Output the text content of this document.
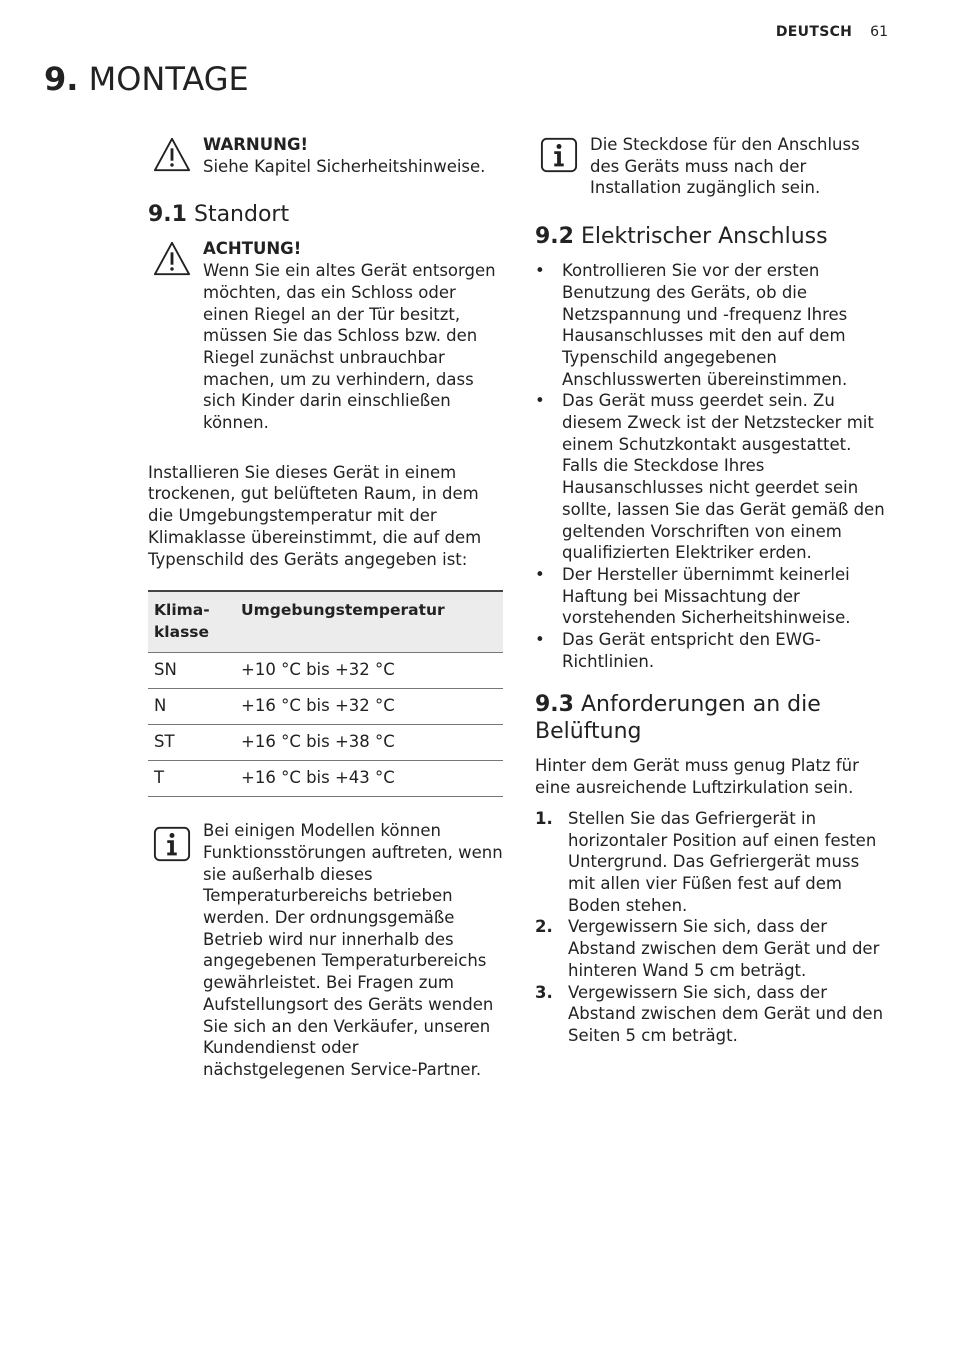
DEUTSCH 61
9. MONTAGE
WARNUNG!
Siehe Kapitel Sicherheitshinweise.
9.1 Standort
ACHTUNG!
Wenn Sie ein altes Gerät entsorgen möchten, das ein Schloss oder einen Riegel an der Tür besitzt, müssen Sie das Schloss bzw. den Riegel zunächst unbrauchbar machen, um zu verhindern, dass sich Kinder darin einschließen können.

Installieren Sie dieses Gerät in einem trockenen, gut belüfteten Raum, in dem die Umgebungstemperatur mit der Klimaklasse übereinstimmt, die auf dem Typenschild des Geräts angegeben ist:

Klima-
klasse	Umgebungstemperatur
SN	+10 °C bis +32 °C
N	+16 °C bis +32 °C
ST	+16 °C bis +38 °C
T	+16 °C bis +43 °C
Bei einigen Modellen können Funktionsstörungen auftreten, wenn sie außerhalb dieses Temperaturbereichs betrieben werden. Der ordnungsgemäße Betrieb wird nur innerhalb des angegebenen Temperaturbereichs gewährleistet. Bei Fragen zum Aufstellungsort des Geräts wenden Sie sich an den Verkäufer, unseren Kundendienst oder nächstgelegenen Service-Partner.
Die Steckdose für den Anschluss des Geräts muss nach der Installation zugänglich sein.
9.2 Elektrischer Anschluss
• Kontrollieren Sie vor der ersten Benutzung des Geräts, ob die Netzspannung und -frequenz Ihres Hausanschlusses mit den auf dem Typenschild angegebenen Anschlusswerten übereinstimmen.
• Das Gerät muss geerdet sein. Zu diesem Zweck ist der Netzstecker mit einem Schutzkontakt ausgestattet. Falls die Steckdose Ihres Hausanschlusses nicht geerdet sein sollte, lassen Sie das Gerät gemäß den geltenden Vorschriften von einem qualifizierten Elektriker erden.
• Der Hersteller übernimmt keinerlei Haftung bei Missachtung der vorstehenden Sicherheitshinweise.
• Das Gerät entspricht den EWG-Richtlinien.
9.3 Anforderungen an die Belüftung

Hinter dem Gerät muss genug Platz für eine ausreichende Luftzirkulation sein.

1. Stellen Sie das Gefriergerät in horizontaler Position auf einen festen Untergrund. Das Gefriergerät muss mit allen vier Füßen fest auf dem Boden stehen.
2. Vergewissern Sie sich, dass der Abstand zwischen dem Gerät und der hinteren Wand 5 cm beträgt.
3. Vergewissern Sie sich, dass der Abstand zwischen dem Gerät und den Seiten 5 cm beträgt.
